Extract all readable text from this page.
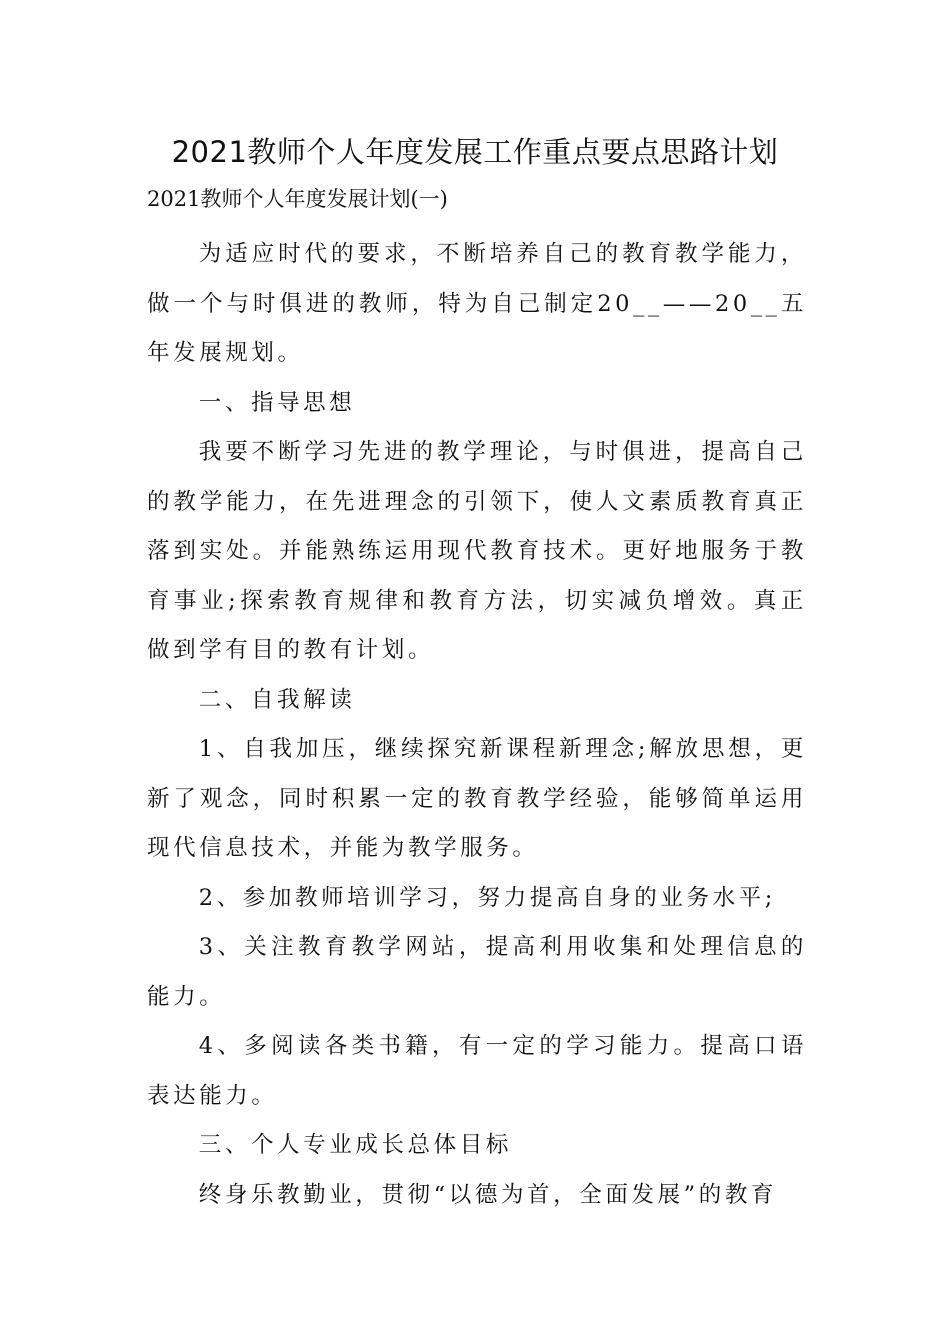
2021教师个人年度发展工作重点要点思路计划
2021教师个人年度发展计划(一)

为适应时代的要求，不断培养自己的教育教学能力，做一个与时俱进的教师，特为自己制定20__——20__五年发展规划。

一、指导思想

我要不断学习先进的教学理论，与时俱进，提高自己的教学能力，在先进理念的引领下，使人文素质教育真正落到实处。并能熟练运用现代教育技术。更好地服务于教育事业;探索教育规律和教育方法，切实减负增效。真正做到学有目的教有计划。

二、自我解读

1、自我加压，继续探究新课程新理念;解放思想，更新了观念，同时积累一定的教育教学经验，能够简单运用现代信息技术，并能为教学服务。

2、参加教师培训学习，努力提高自身的业务水平;

3、关注教育教学网站，提高利用收集和处理信息的能力。

4、多阅读各类书籍，有一定的学习能力。提高口语表达能力。

三、个人专业成长总体目标

终身乐教勤业，贯彻“以德为首，全面发展”的教育
